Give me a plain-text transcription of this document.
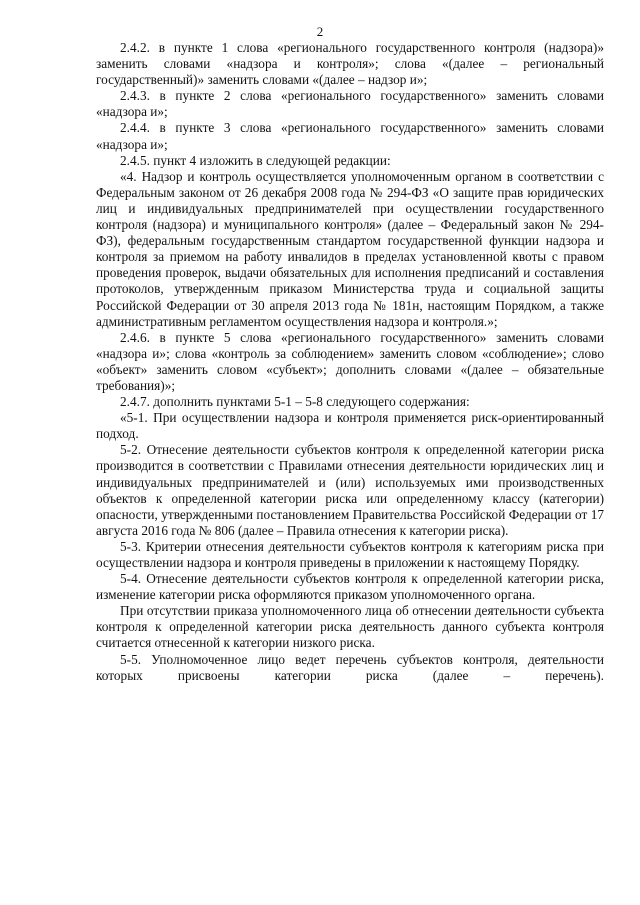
2

2.4.2. в пункте 1 слова «регионального государственного контроля (надзора)» заменить словами «надзора и контроля»; слова «(далее – региональный государственный)» заменить словами «(далее – надзор и»;

2.4.3. в пункте 2 слова «регионального государственного» заменить словами «надзора и»;

2.4.4. в пункте 3 слова «регионального государственного» заменить словами «надзора и»;

2.4.5. пункт 4 изложить в следующей редакции:

«4. Надзор и контроль осуществляется уполномоченным органом в соответствии с Федеральным законом от 26 декабря 2008 года № 294-ФЗ «О защите прав юридических лиц и индивидуальных предпринимателей при осуществлении государственного контроля (надзора) и муниципального контроля» (далее – Федеральный закон № 294-ФЗ), федеральным государственным стандартом государственной функции надзора и контроля за приемом на работу инвалидов в пределах установленной квоты с правом проведения проверок, выдачи обязательных для исполнения предписаний и составления протоколов, утвержденным приказом Министерства труда и социальной защиты Российской Федерации от 30 апреля 2013 года № 181н, настоящим Порядком, а также административным регламентом осуществления надзора и контроля.»;

2.4.6. в пункте 5 слова «регионального государственного» заменить словами «надзора и»; слова «контроль за соблюдением» заменить словом «соблюдение»; слово «объект» заменить словом «субъект»; дополнить словами «(далее – обязательные требования)»;

2.4.7. дополнить пунктами 5-1 – 5-8 следующего содержания:

«5-1. При осуществлении надзора и контроля применяется риск-ориентированный подход.

5-2. Отнесение деятельности субъектов контроля к определенной категории риска производится в соответствии с Правилами отнесения деятельности юридических лиц и индивидуальных предпринимателей и (или) используемых ими производственных объектов к определенной категории риска или определенному классу (категории) опасности, утвержденными постановлением Правительства Российской Федерации от 17 августа 2016 года № 806 (далее – Правила отнесения к категории риска).

5-3. Критерии отнесения деятельности субъектов контроля к категориям риска при осуществлении надзора и контроля приведены в приложении к настоящему Порядку.

5-4. Отнесение деятельности субъектов контроля к определенной категории риска, изменение категории риска оформляются приказом уполномоченного органа.

При отсутствии приказа уполномоченного лица об отнесении деятельности субъекта контроля к определенной категории риска деятельность данного субъекта контроля считается отнесенной к категории низкого риска.

5-5. Уполномоченное лицо ведет перечень субъектов контроля, деятельности которых присвоены категории риска (далее – перечень).
